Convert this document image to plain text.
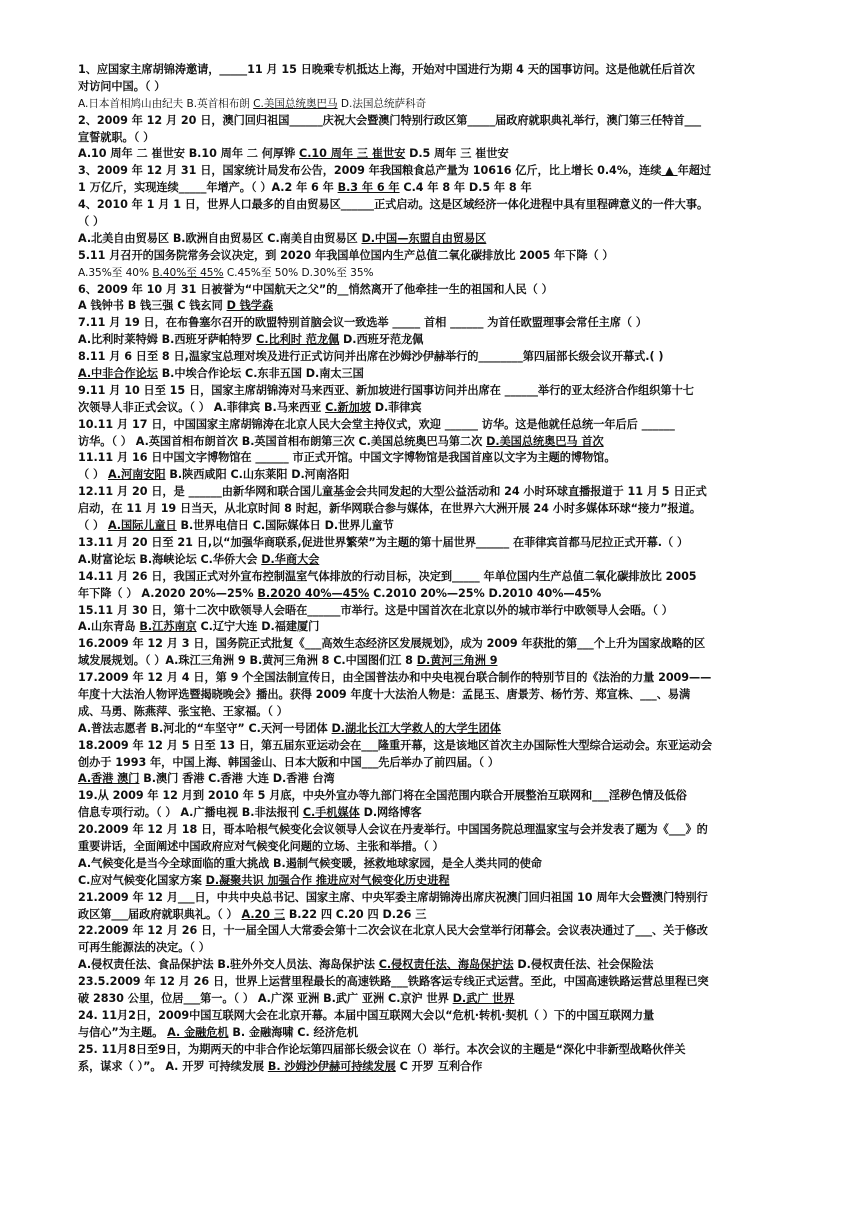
1、应国家主席胡锦涛邀请，_____11 月 15 日晚乘专机抵达上海，开始对中国进行为期 4 天的国事访问。这是他就任后首次
对访问中国。（ ）
A.日本首相鸠山由纪夫 B.英首相布朗 C.美国总统奥巴马 D.法国总统萨科奇
2、2009 年 12 月 20 日，澳门回归祖国______庆祝大会暨澳门特别行政区第_____届政府就职典礼举行，澳门第三任特首___
宣誓就职。（ ）
A.10 周年 二 崔世安 B.10 周年 二 何厚铧 C.10 周年 三 崔世安 D.5 周年 三 崔世安
3、2009 年 12 月 31 日，国家统计局发布公告，2009 年我国粮食总产量为 10616 亿斤，比上增长 0.4%，连续 ▲ 年超过
1 万亿斤，实现连续_____年增产。（ ）A.2 年 6 年 B.3 年 6 年 C.4 年 8 年 D.5 年 8 年
4、2010 年 1 月 1 日，世界人口最多的自由贸易区______正式启动。这是区域经济一体化进程中具有里程碑意义的一件大事。
（ ）
A.北美自由贸易区 B.欧洲自由贸易区 C.南美自由贸易区 D.中国—东盟自由贸易区
5.11 月召开的国务院常务会议决定，到 2020 年我国单位国内生产总值二氧化碳排放比 2005 年下降（ ）
A.35%至 40% B.40%至 45% C.45%至 50% D.30%至 35%
6、2009 年 10 月 31 日被誉为“中国航天之父”的__悄然离开了他牵挂一生的祖国和人民（ ）
A 钱钟书 B 钱三强 C 钱玄同 D 钱学森
7.11 月 19 日，在布鲁塞尔召开的欧盟特别首脑会议一致选举 _____ 首相 ______ 为首任欧盟理事会常任主席（ ）
A.比利时莱特姆 B.西班牙萨帕特罗 C.比利时 范龙佩 D.西班牙范龙佩
8.11 月 6 日至 8 日,温家宝总理对埃及进行正式访问并出席在沙姆沙伊赫举行的________第四届部长级会议开幕式.( )
A.中非合作论坛 B.中埃合作论坛 C.东非五国 D.南太三国
9.11 月 10 日至 15 日，国家主席胡锦涛对马来西亚、新加坡进行国事访问并出席在 ______举行的亚太经济合作组织第十七
次领导人非正式会议。（ ） A.菲律宾 B.马来西亚 C.新加坡 D.菲律宾
10.11 月 17 日，中国国家主席胡锦涛在北京人民大会堂主持仪式，欢迎 ______ 访华。这是他就任总统一年后后 ______
访华。（ ） A.英国首相布朗首次 B.英国首相布朗第三次 C.美国总统奥巴马第二次 D.美国总统奥巴马 首次
11.11 月 16 日中国文字博物馆在 ______ 市正式开馆。中国文字博物馆是我国首座以文字为主题的博物馆。
（ ） A.河南安阳 B.陕西咸阳 C.山东莱阳 D.河南洛阳
12.11 月 20 日，是 ______由新华网和联合国儿童基金会共同发起的大型公益活动和 24 小时环球直播报道于 11 月 5 日正式
启动，在 11 月 19 日当天，从北京时间 8 时起，新华网联合参与媒体，在世界六大洲开展 24 小时多媒体环球“接力”报道。
（ ） A.国际儿童日 B.世界电信日 C.国际媒体日 D.世界儿童节
13.11 月 20 日至 21 日,以“加强华商联系,促进世界繁荣”为主题的第十届世界______ 在菲律宾首都马尼拉正式开幕.（ ）
A.财富论坛 B.海峡论坛 C.华侨大会 D.华商大会
14.11 月 26 日，我国正式对外宣布控制温室气体排放的行动目标，决定到_____ 年单位国内生产总值二氧化碳排放比 2005
年下降（ ） A.2020 20%—25% B.2020 40%—45% C.2010 20%—25% D.2010 40%—45%
15.11 月 30 日，第十二次中欧领导人会晤在______市举行。这是中国首次在北京以外的城市举行中欧领导人会晤。（ ）
A.山东青岛 B.江苏南京 C.辽宁大连 D.福建厦门
16.2009 年 12 月 3 日，国务院正式批复《___高效生态经济区发展规划》，成为 2009 年获批的第___个上升为国家战略的区
域发展规划。（ ）A.珠江三角洲 9 B.黄河三角洲 8 C.中国图们江 8 D.黄河三角洲 9
17.2009 年 12 月 4 日，第 9 个全国法制宣传日，由全国普法办和中央电视台联合制作的特别节目的《法治的力量 2009——
年度十大法治人物评选暨揭晓晚会》播出。获得 2009 年度十大法治人物是：孟昆玉、唐景芳、杨竹芳、郑宣株、___、易满
成、马勇、陈燕萍、张宝艳、王家福。（ ）
A.普法志愿者 B.河北的“车坚守” C.天河一号团体 D.湖北长江大学救人的大学生团体
18.2009 年 12 月 5 日至 13 日，第五届东亚运动会在___隆重开幕，这是该地区首次主办国际性大型综合运动会。东亚运动会
创办于 1993 年，中国上海、韩国釜山、日本大阪和中国___先后举办了前四届。（ ）
A.香港 澳门 B.澳门 香港 C.香港 大连 D.香港 台湾
19.从 2009 年 12 月到 2010 年 5 月底，中央外宣办等九部门将在全国范围内联合开展整治互联网和___淫秽色情及低俗
信息专项行动。（ ） A.广播电视 B.非法报刊 C.手机媒体 D.网络博客
20.2009 年 12 月 18 日，哥本哈根气候变化会议领导人会议在丹麦举行。中国国务院总理温家宝与会并发表了题为《___》的
重要讲话，全面阐述中国政府应对气候变化问题的立场、主张和举措。（ ）
A.气候变化是当今全球面临的重大挑战 B.遏制气候变暖，拯救地球家园，是全人类共同的使命
C.应对气候变化国家方案 D.凝聚共识 加强合作 推进应对气候变化历史进程
21.2009 年 12 月___日，中共中央总书记、国家主席、中央军委主席胡锦涛出席庆祝澳门回归祖国 10 周年大会暨澳门特别行
政区第___届政府就职典礼。（ ） A.20 三 B.22 四 C.20 四 D.26 三
22.2009 年 12 月 26 日，十一届全国人大常委会第十二次会议在北京人民大会堂举行闭幕会。会议表决通过了___、关于修改
可再生能源法的决定。（ ）
A.侵权责任法、食品保护法 B.驻外外交人员法、海岛保护法 C.侵权责任法、海岛保护法 D.侵权责任法、社会保险法
23.5.2009 年 12 月 26 日，世界上运营里程最长的高速铁路___铁路客运专线正式运营。至此，中国高速铁路运营总里程已突
破 2830 公里，位居___第一。（ ） A.广深 亚洲 B.武广 亚洲 C.京沪 世界 D.武广 世界
24. 11月2日，2009中国互联网大会在北京开幕。本届中国互联网大会以“危机·转机·契机（ ）下的中国互联网力量
与信心”为主题。 A. 金融危机 B. 金融海啸 C. 经济危机
25. 11月8日至9日，为期两天的中非合作论坛第四届部长级会议在（）举行。本次会议的主题是“深化中非新型战略伙伴关
系，谋求（ ）”。 A. 开罗 可持续发展 B. 沙姆沙伊赫可持续发展 C 开罗 互利合作
